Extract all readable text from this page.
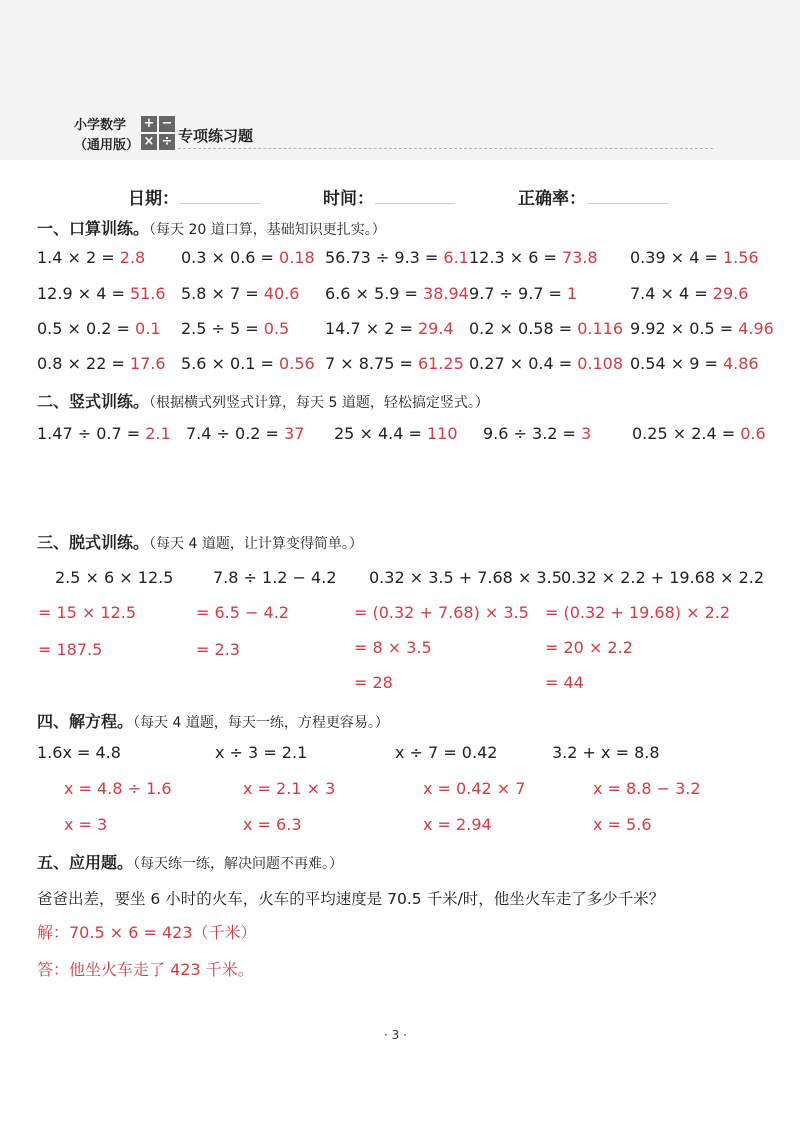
小学数学
（通用版）
+ −
× ÷ 专项练习题
日期：	时间：	正确率：
一、口算训练。（每天 20 道口算，基础知识更扎实。）
1.4 × 2 = 2.8 0.3 × 0.6 = 0.18 56.73 ÷ 9.3 = 6.1 12.3 × 6 = 73.8 0.39 × 4 = 1.56
12.9 × 4 = 51.6 5.8 × 7 = 40.6 6.6 × 5.9 = 38.94 9.7 ÷ 9.7 = 1	7.4 × 4 = 29.6
0.5 × 0.2 = 0.1 2.5 ÷ 5 = 0.5 14.7 × 2 = 29.4 0.2 × 0.58 = 0.116 9.92 × 0.5 = 4.96
0.8 × 22 = 17.6 5.6 × 0.1 = 0.56 7 × 8.75 = 61.25 0.27 × 0.4 = 0.108 0.54 × 9 = 4.86
二、竖式训练。（根据横式列竖式计算，每天 5 道题，轻松搞定竖式。）
1.47 ÷ 0.7 = 2.1 7.4 ÷ 0.2 = 37 25 × 4.4 = 110 9.6 ÷ 3.2 = 3	0.25 × 2.4 = 0.6
三、脱式训练。（每天 4 道题，让计算变得简单。）
2.5 × 6 × 12.5
= 15 × 12.5
= 187.5
7.8 ÷ 1.2 − 4.2
= 6.5 − 4.2
= 2.3
0.32 × 3.5 + 7.68 × 3.5
= (0.32 + 7.68) × 3.5
= 8 × 3.5
= 28
0.32 × 2.2 + 19.68 × 2.2
= (0.32 + 19.68) × 2.2
= 20 × 2.2
= 44
四、解方程。（每天 4 道题，每天一练，方程更容易。）
1.6x = 4.8
x = 4.8 ÷ 1.6
x = 3
x ÷ 3 = 2.1
x = 2.1 × 3
x = 6.3
x ÷ 7 = 0.42
x = 0.42 × 7
x = 2.94
3.2 + x = 8.8
x = 8.8 − 3.2
x = 5.6
五、应用题。（每天练一练，解决问题不再难。）
爸爸出差，要坐 6 小时的火车，火车的平均速度是 70.5 千米/时，他坐火车走了多少千米？
解：70.5 × 6 = 423（千米）
答：他坐火车走了 423 千米。
· 3 ·
